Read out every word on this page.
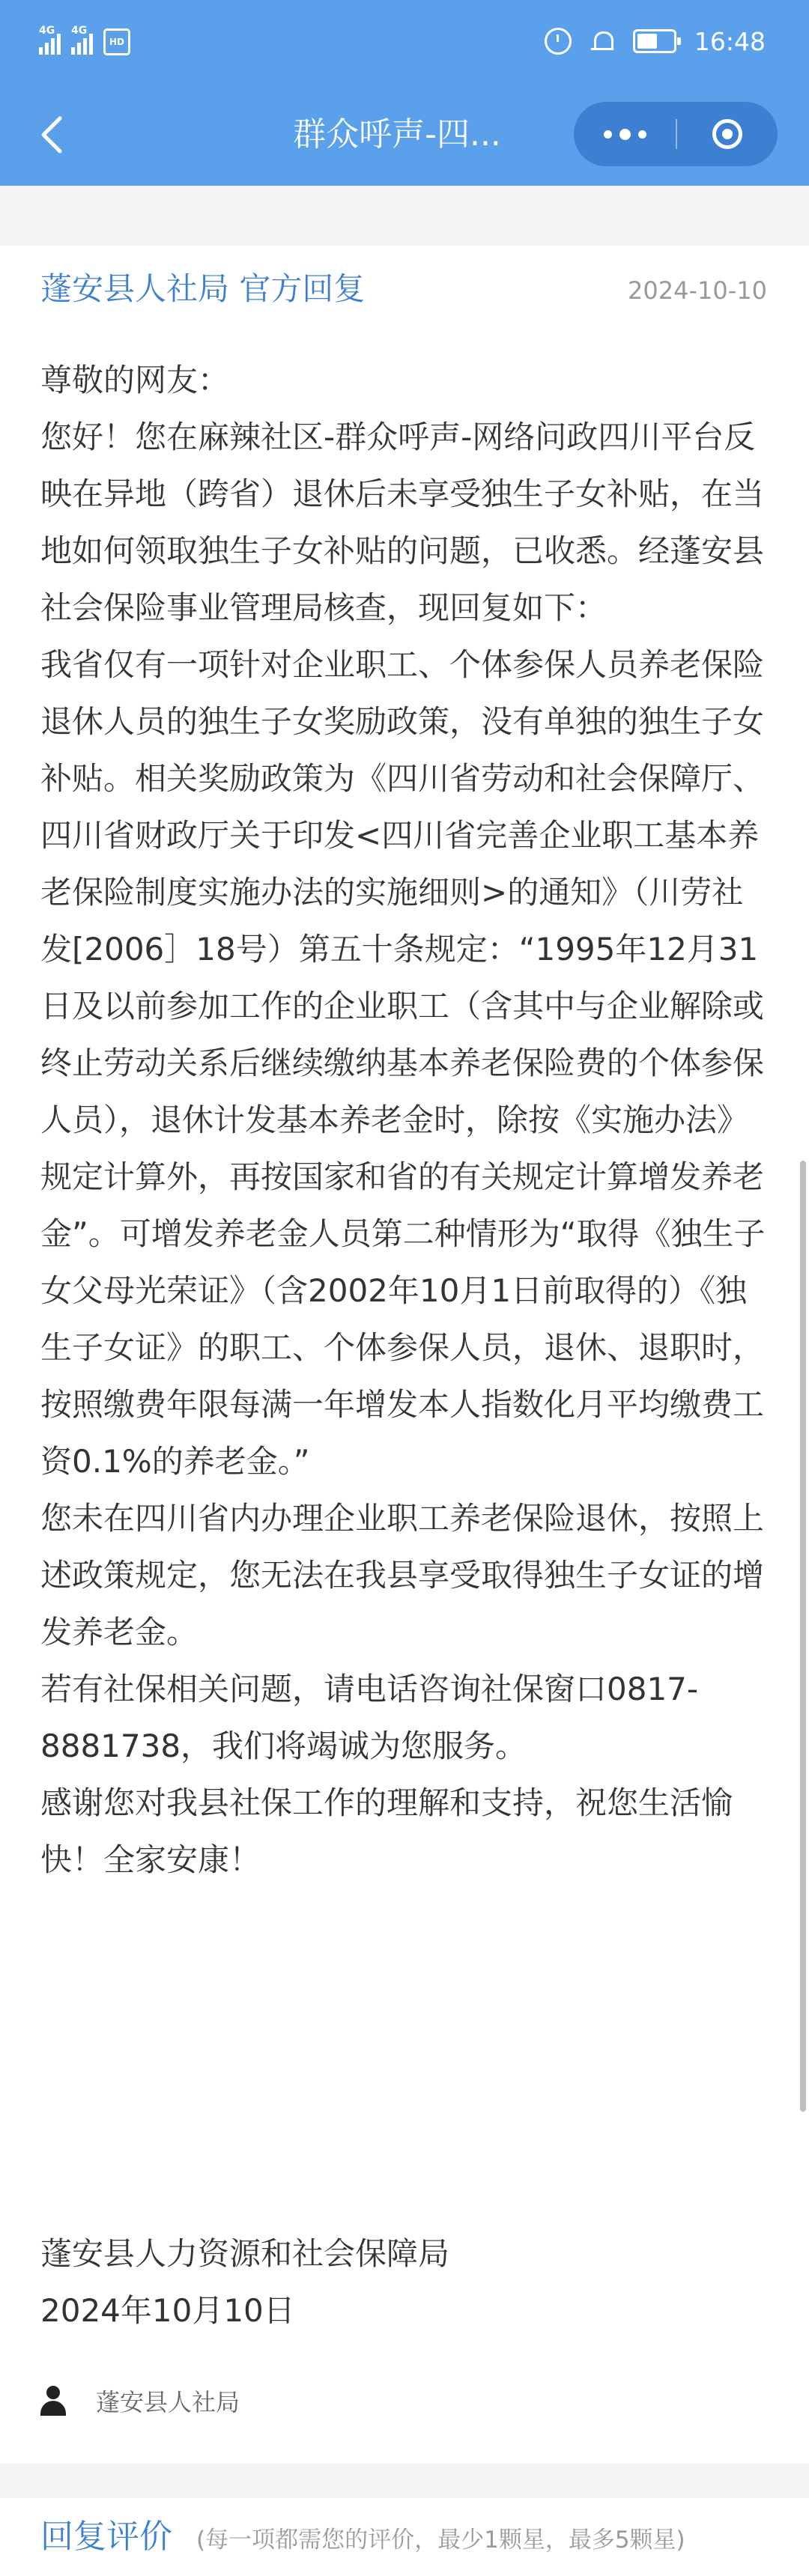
4G 4G
HD	16:48
群众呼声-四...
蓬安县人社局 官方回复	2024-10-10

尊敬的网友：

您好！您在麻辣社区-群众呼声-网络问政四川平台反映在异地（跨省）退休后未享受独生子女补贴，在当地如何领取独生子女补贴的问题，已收悉。经蓬安县社会保险事业管理局核查，现回复如下：

我省仅有一项针对企业职工、个体参保人员养老保险退休人员的独生子女奖励政策，没有单独的独生子女补贴。相关奖励政策为《四川省劳动和社会保障厅、四川省财政厅关于印发<四川省完善企业职工基本养老保险制度实施办法的实施细则>的通知》（川劳社发[2006］18号）第五十条规定：“1995年12月31日及以前参加工作的企业职工（含其中与企业解除或终止劳动关系后继续缴纳基本养老保险费的个体参保人员），退休计发基本养老金时，除按《实施办法》规定计算外，再按国家和省的有关规定计算增发养老金”。可增发养老金人员第二种情形为“取得《独生子女父母光荣证》（含2002年10月1日前取得的）《独生子女证》的职工、个体参保人员，退休、退职时，按照缴费年限每满一年增发本人指数化月平均缴费工资0.1%的养老金。”

您未在四川省内办理企业职工养老保险退休，按照上述政策规定，您无法在我县享受取得独生子女证的增发养老金。

若有社保相关问题，请电话咨询社保窗口0817-8881738，我们将竭诚为您服务。

感谢您对我县社保工作的理解和支持，祝您生活愉快！全家安康！

蓬安县人力资源和社会保障局

2024年10月10日

蓬安县人社局
回复评价 (每一项都需您的评价，最少1颗星，最多5颗星)
